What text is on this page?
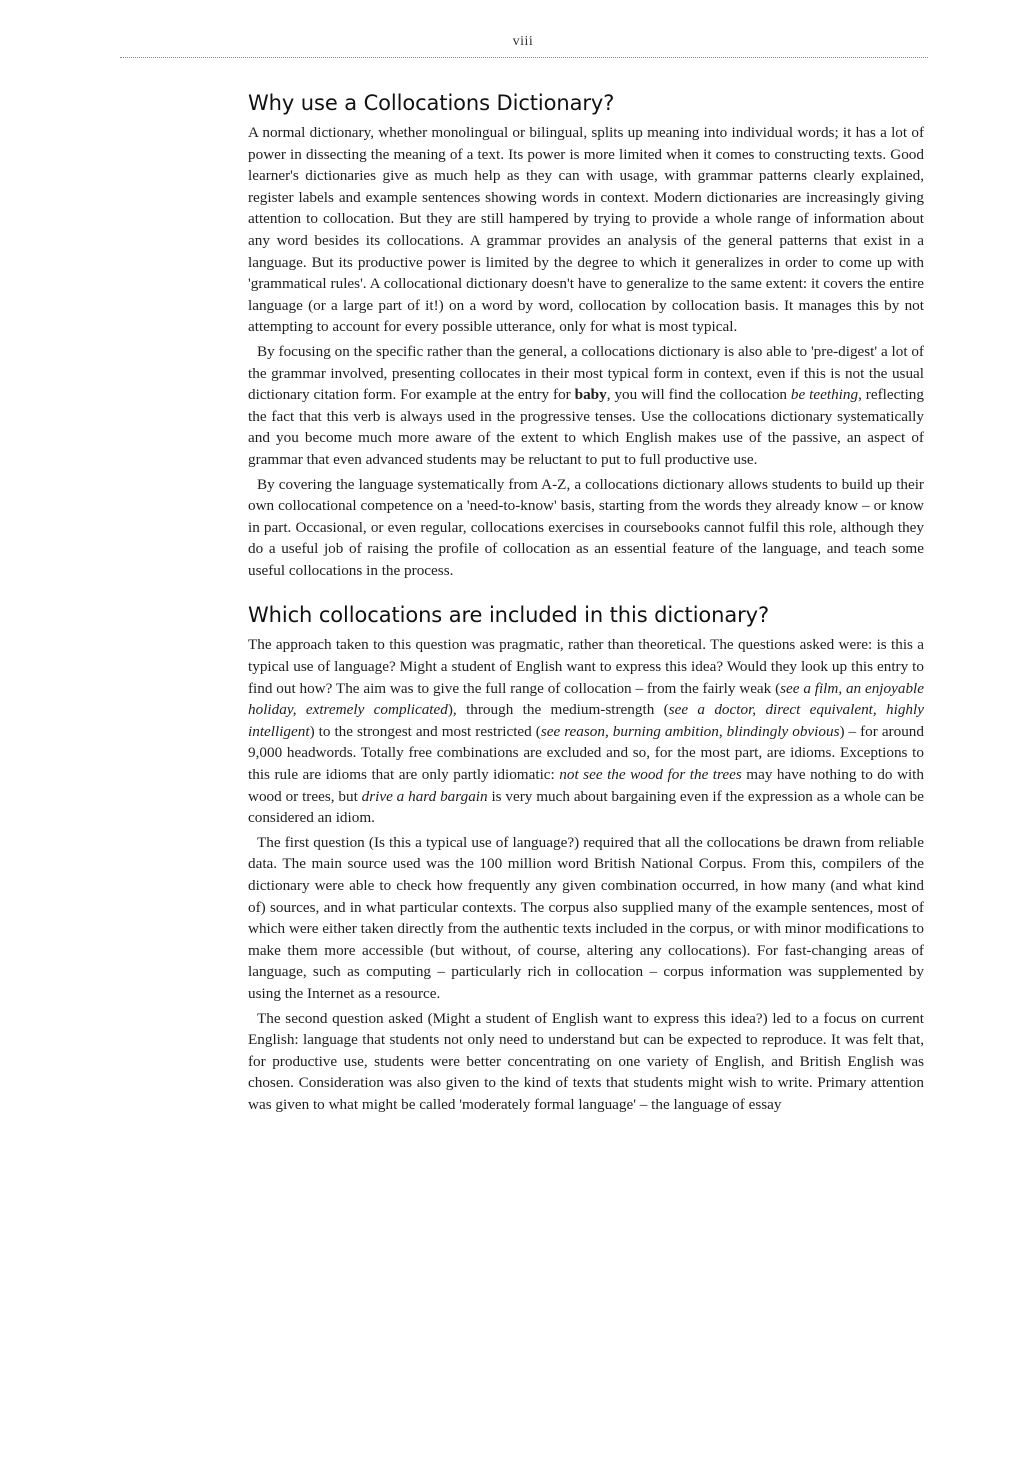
viii
Why use a Collocations Dictionary?

A normal dictionary, whether monolingual or bilingual, splits up meaning into individual words; it has a lot of power in dissecting the meaning of a text. Its power is more limited when it comes to constructing texts. Good learner's dictionaries give as much help as they can with usage, with grammar patterns clearly explained, register labels and example sentences showing words in context. Modern dictionaries are increasingly giving attention to collocation. But they are still hampered by trying to provide a whole range of information about any word besides its collocations. A grammar provides an analysis of the general patterns that exist in a language. But its productive power is limited by the degree to which it generalizes in order to come up with 'grammatical rules'. A collocational dictionary doesn't have to generalize to the same extent: it covers the entire language (or a large part of it!) on a word by word, collocation by collocation basis. It manages this by not attempting to account for every possible utterance, only for what is most typical.

By focusing on the specific rather than the general, a collocations dictionary is also able to 'pre-digest' a lot of the grammar involved, presenting collocates in their most typical form in context, even if this is not the usual dictionary citation form. For example at the entry for baby, you will find the collocation be teething, reflecting the fact that this verb is always used in the progressive tenses. Use the collocations dictionary systematically and you become much more aware of the extent to which English makes use of the passive, an aspect of grammar that even advanced students may be reluctant to put to full productive use.

By covering the language systematically from A-Z, a collocations dictionary allows students to build up their own collocational competence on a 'need-to-know' basis, starting from the words they already know – or know in part. Occasional, or even regular, collocations exercises in coursebooks cannot fulfil this role, although they do a useful job of raising the profile of collocation as an essential feature of the language, and teach some useful collocations in the process.

Which collocations are included in this dictionary?

The approach taken to this question was pragmatic, rather than theoretical. The questions asked were: is this a typical use of language? Might a student of English want to express this idea? Would they look up this entry to find out how? The aim was to give the full range of collocation – from the fairly weak (see a film, an enjoyable holiday, extremely complicated), through the medium-strength (see a doctor, direct equivalent, highly intelligent) to the strongest and most restricted (see reason, burning ambition, blindingly obvious) – for around 9,000 headwords. Totally free combinations are excluded and so, for the most part, are idioms. Exceptions to this rule are idioms that are only partly idiomatic: not see the wood for the trees may have nothing to do with wood or trees, but drive a hard bargain is very much about bargaining even if the expression as a whole can be considered an idiom.

The first question (Is this a typical use of language?) required that all the collocations be drawn from reliable data. The main source used was the 100 million word British National Corpus. From this, compilers of the dictionary were able to check how frequently any given combination occurred, in how many (and what kind of) sources, and in what particular contexts. The corpus also supplied many of the example sentences, most of which were either taken directly from the authentic texts included in the corpus, or with minor modifications to make them more accessible (but without, of course, altering any collocations). For fast-changing areas of language, such as computing – particularly rich in collocation – corpus information was supplemented by using the Internet as a resource.

The second question asked (Might a student of English want to express this idea?) led to a focus on current English: language that students not only need to understand but can be expected to reproduce. It was felt that, for productive use, students were better concentrating on one variety of English, and British English was chosen. Consideration was also given to the kind of texts that students might wish to write. Primary attention was given to what might be called 'moderately formal language' – the language of essay
